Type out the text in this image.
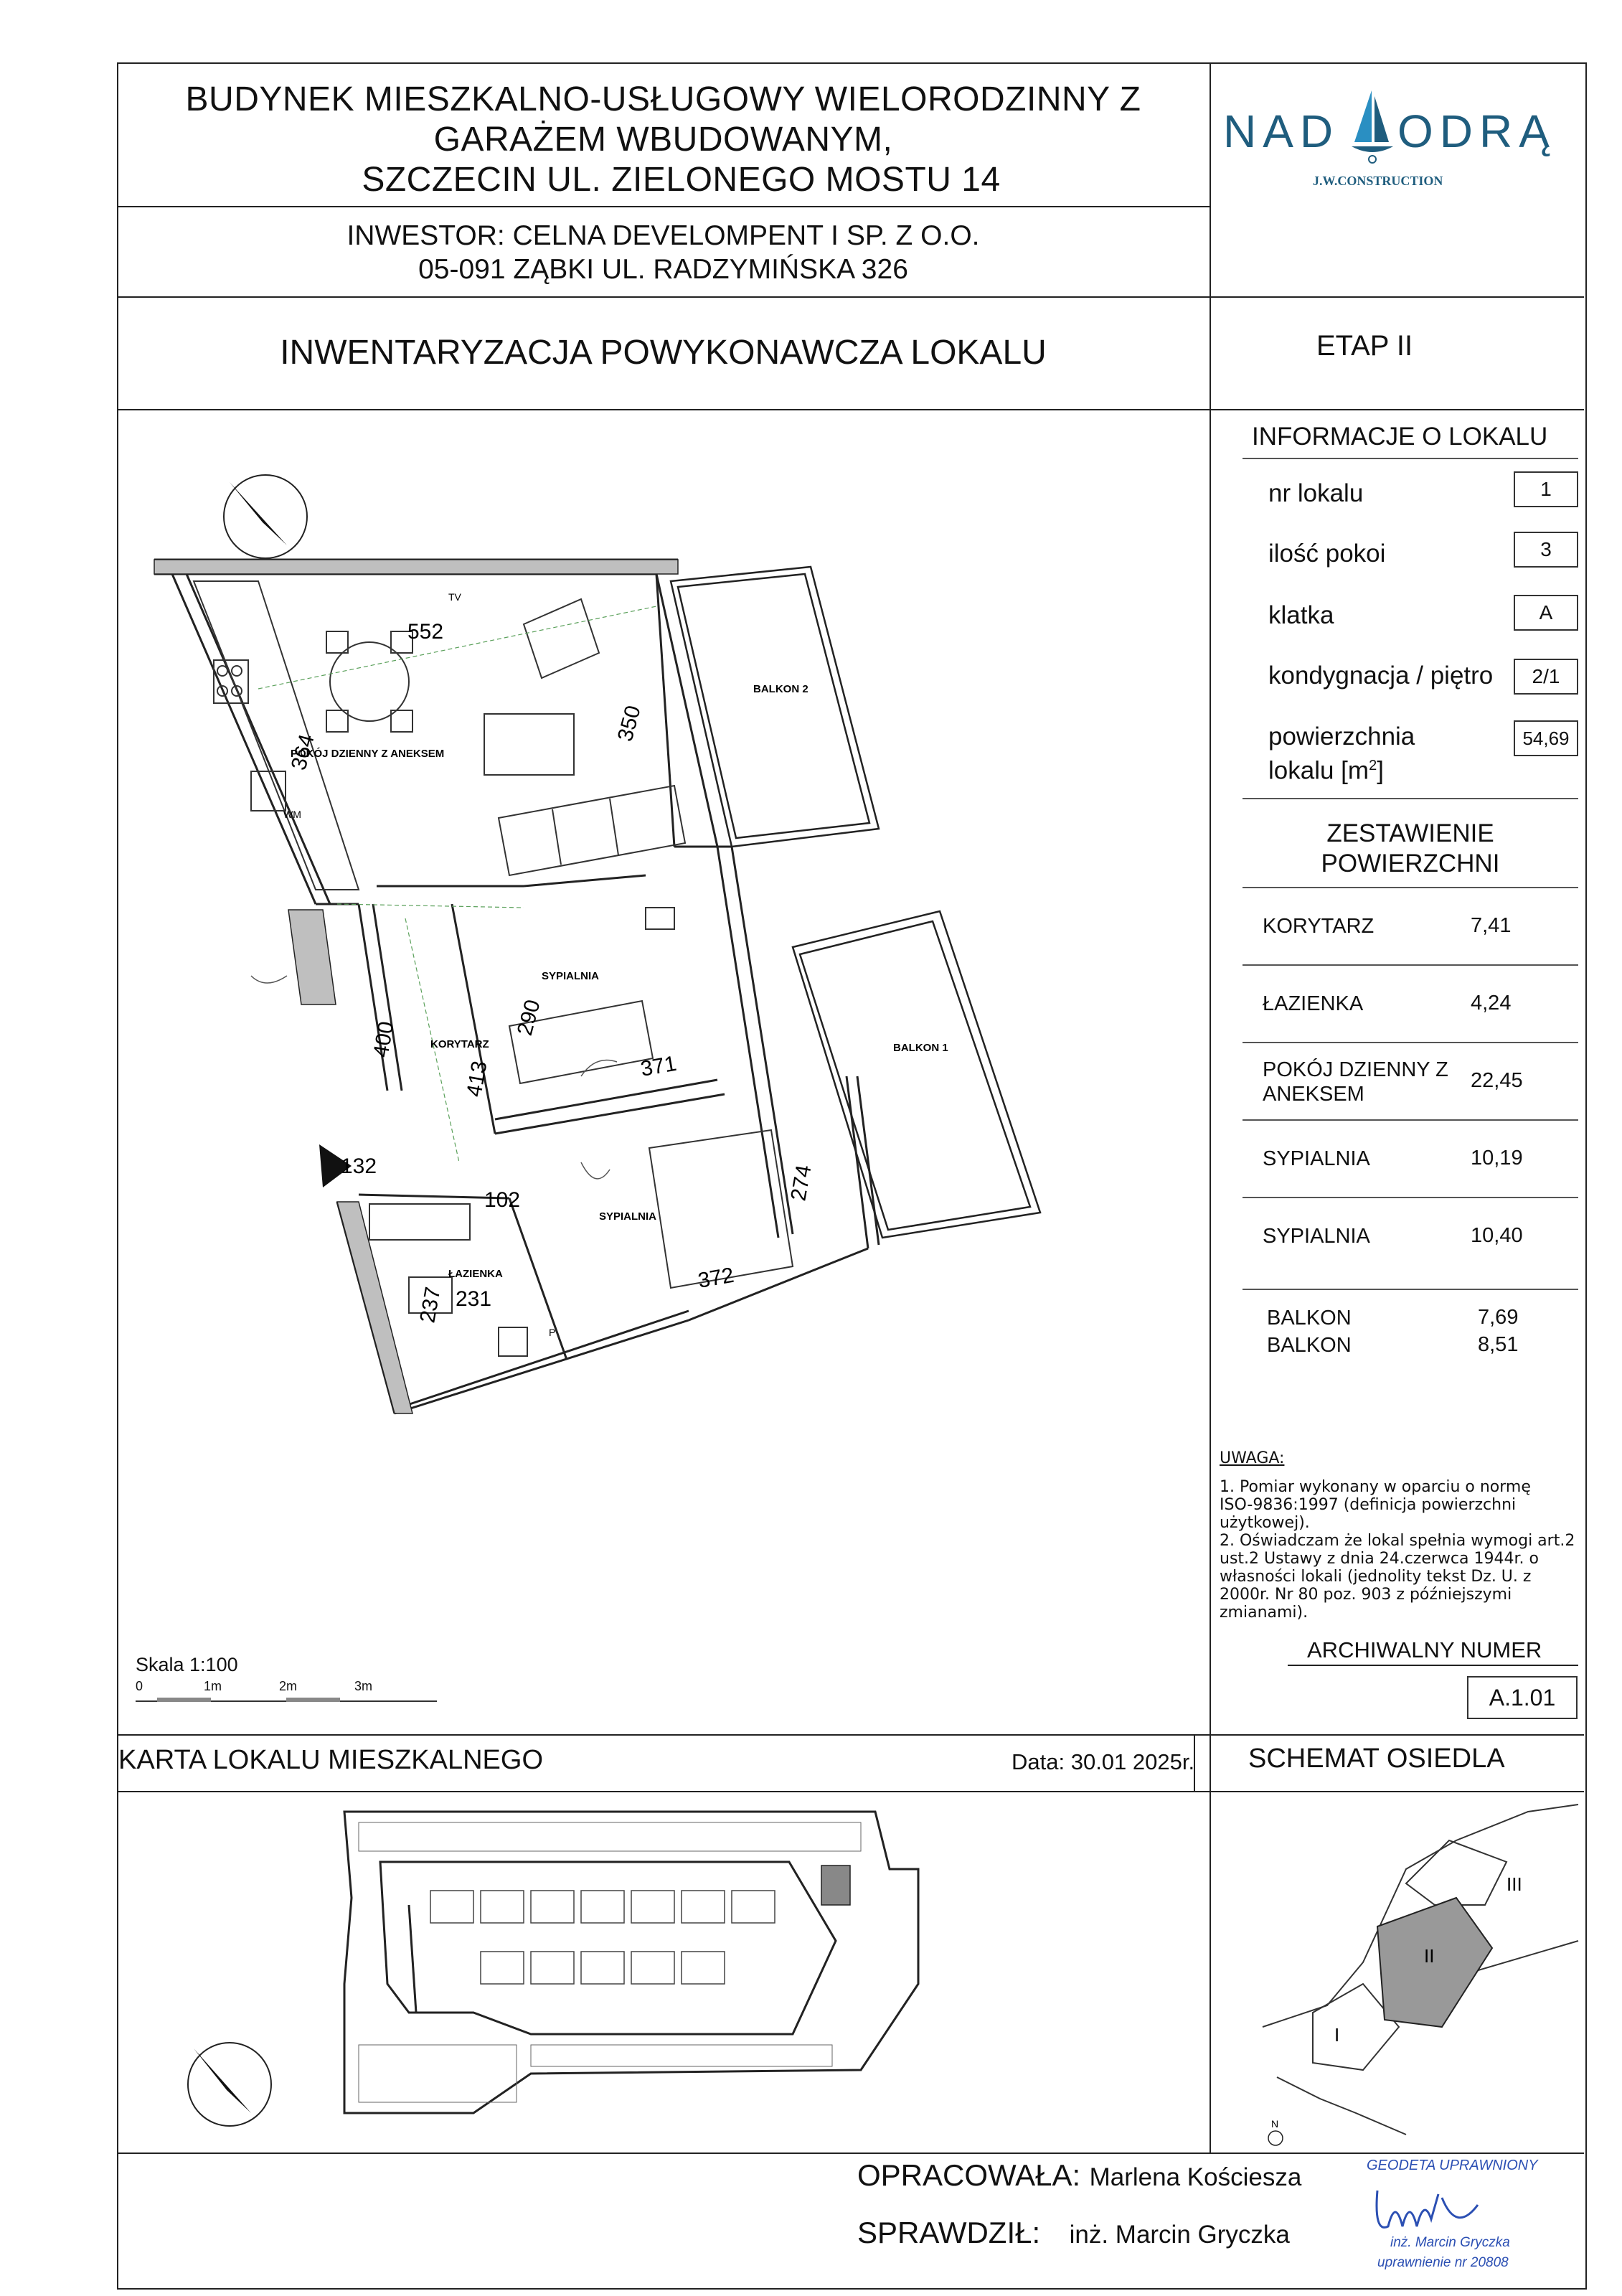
BUDYNEK MIESZKALNO-USŁUGOWY WIELORODZINNY Z
GARAŻEM WBUDOWANYM,
SZCZECIN UL. ZIELONEGO MOSTU 14
INWESTOR: CELNA DEVELOMPENT I SP. Z O.O.
05-091 ZĄBKI UL. RADZYMIŃSKA 326
INWENTARYZACJA POWYKONAWCZA LOKALU	ETAP II
NAD ODRĄ
J.W.CONSTRUCTION
INFORMACJE O LOKALU
nr lokalu	1
ilość pokoi	3
klatka	A
kondygnacja / piętro	2/1
powierzchnia
lokalu $[m^2]$
54,69
ZESTAWIENIE
POWIERZCHNI
KORYTARZ	7,41
ŁAZIENKA	4,24
POKÓJ DZIENNY Z
ANEKSEM
22,45
SYPIALNIA	10,19
SYPIALNIA	10,40
BALKON	7,69
BALKON	8,51
UWAGA:
1. Pomiar wykonany w oparciu o normę
ISO-9836:1997 (definicja powierzchni
użytkowej).
2. Oświadczam że lokal spełnia wymogi art.2
ust.2 Ustawy z dnia 24.czerwca 1944r. o
własności lokali (jednolity tekst Dz. U. z
2000r. Nr 80 poz. 903 z późniejszymi
zmianami).
ARCHIWALNY NUMER
A.1.01
Skala 1:100
0	1m	2m	3m
POKÓJ DZIENNY Z ANEKSEM
BALKON 2
BALKON 1
SYPIALNIA
SYPIALNIA
KORYTARZ
ŁAZIENKA
TV
WM
P
552
364
350
290
371
400
413
132
102	274
372
237 231
KARTA LOKALU MIESZKALNEGO	Data: 30.01 2025r. SCHEMAT OSIEDLA
III
II
I
N
OPRACOWAŁA: Marlena Kościesza
SPRAWDZIŁ: inż. Marcin Gryczka
GEODETA UPRAWNIONY
inż. Marcin Gryczka
uprawnienie nr 20808
